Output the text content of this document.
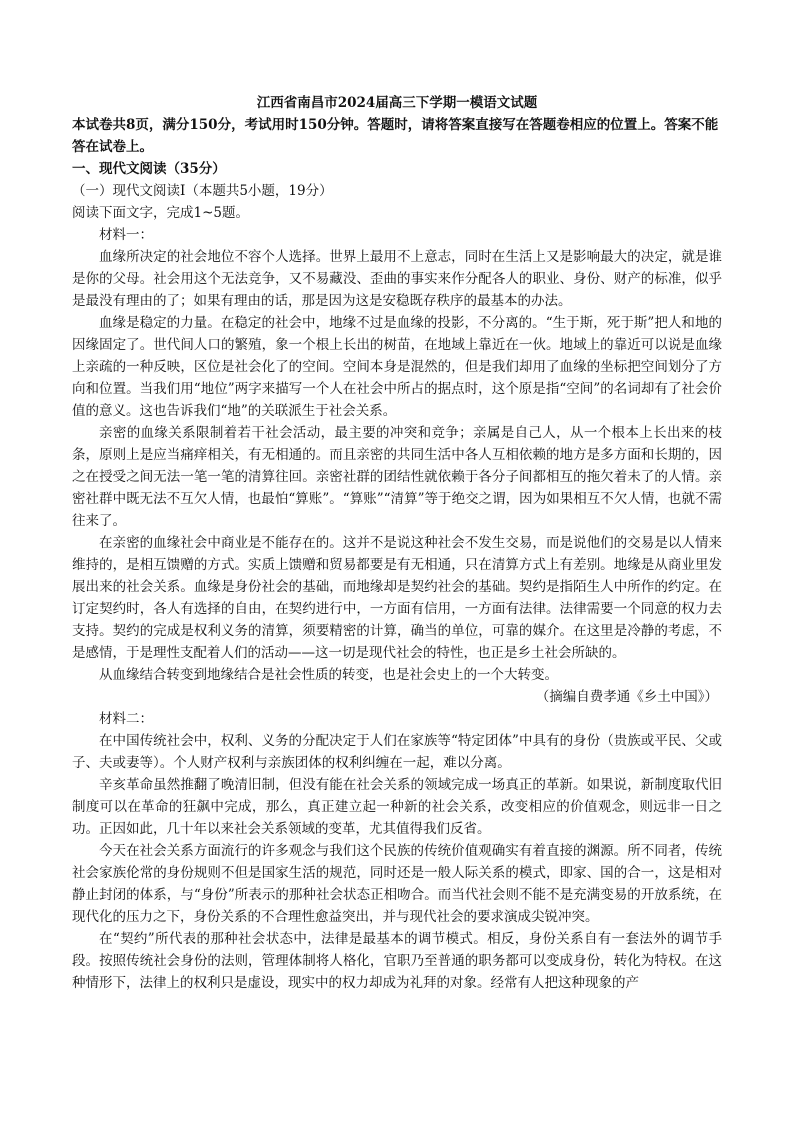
江西省南昌市2024届高三下学期一模语文试题

本试卷共8页，满分150分，考试用时150分钟。答题时，请将答案直接写在答题卷相应的位置上。答案不能答在试卷上。

一、现代文阅读（35分）

（一）现代文阅读Ⅰ（本题共5小题，19分）

阅读下面文字，完成1~5题。

材料一：

血缘所决定的社会地位不容个人选择。世界上最用不上意志，同时在生活上又是影响最大的决定，就是谁是你的父母。社会用这个无法竞争，又不易藏没、歪曲的事实来作分配各人的职业、身份、财产的标准，似乎是最没有理由的了；如果有理由的话，那是因为这是安稳既存秩序的最基本的办法。

血缘是稳定的力量。在稳定的社会中，地缘不过是血缘的投影，不分离的。“生于斯，死于斯”把人和地的因缘固定了。世代间人口的繁殖，象一个根上长出的树苗，在地域上靠近在一伙。地域上的靠近可以说是血缘上亲疏的一种反映，区位是社会化了的空间。空间本身是混然的，但是我们却用了血缘的坐标把空间划分了方向和位置。当我们用“地位”两字来描写一个人在社会中所占的据点时，这个原是指“空间”的名词却有了社会价值的意义。这也告诉我们“地”的关联派生于社会关系。

亲密的血缘关系限制着若干社会活动，最主要的冲突和竞争；亲属是自己人，从一个根本上长出来的枝条，原则上是应当痛痒相关，有无相通的。而且亲密的共同生活中各人互相依赖的地方是多方面和长期的，因之在授受之间无法一笔一笔的清算往回。亲密社群的团结性就依赖于各分子间都相互的拖欠着未了的人情。亲密社群中既无法不互欠人情，也最怕“算账”。“算账”“清算”等于绝交之谓，因为如果相互不欠人情，也就不需往来了。

在亲密的血缘社会中商业是不能存在的。这并不是说这种社会不发生交易，而是说他们的交易是以人情来维持的，是相互馈赠的方式。实质上馈赠和贸易都要是有无相通，只在清算方式上有差别。地缘是从商业里发展出来的社会关系。血缘是身份社会的基础，而地缘却是契约社会的基础。契约是指陌生人中所作的约定。在订定契约时，各人有选择的自由，在契约进行中，一方面有信用，一方面有法律。法律需要一个同意的权力去支持。契约的完成是权利义务的清算，须要精密的计算，确当的单位，可靠的媒介。在这里是冷静的考虑，不是感情，于是理性支配着人们的活动——这一切是现代社会的特性，也正是乡土社会所缺的。

从血缘结合转变到地缘结合是社会性质的转变，也是社会史上的一个大转变。

（摘编自费孝通《乡土中国》）

材料二：

在中国传统社会中，权利、义务的分配决定于人们在家族等“特定团体”中具有的身份（贵族或平民、父或子、夫或妻等）。个人财产权利与亲族团体的权利纠缠在一起，难以分离。

辛亥革命虽然推翻了晚清旧制，但没有能在社会关系的领域完成一场真正的革新。如果说，新制度取代旧制度可以在革命的狂飙中完成，那么，真正建立起一种新的社会关系，改变相应的价值观念，则远非一日之功。正因如此，几十年以来社会关系领域的变革，尤其值得我们反省。

今天在社会关系方面流行的许多观念与我们这个民族的传统价值观确实有着直接的渊源。所不同者，传统社会家族伦常的身份规则不但是国家生活的规范，同时还是一般人际关系的模式，即家、国的合一，这是相对静止封闭的体系，与“身份”所表示的那种社会状态正相吻合。而当代社会则不能不是充满变易的开放系统，在现代化的压力之下，身份关系的不合理性愈益突出，并与现代社会的要求演成尖锐冲突。

在“契约”所代表的那种社会状态中，法律是最基本的调节模式。相反，身份关系自有一套法外的调节手段。按照传统社会身份的法则，管理体制将人格化，官职乃至普通的职务都可以变成身份，转化为特权。在这种情形下，法律上的权利只是虚设，现实中的权力却成为礼拜的对象。经常有人把这种现象的产
